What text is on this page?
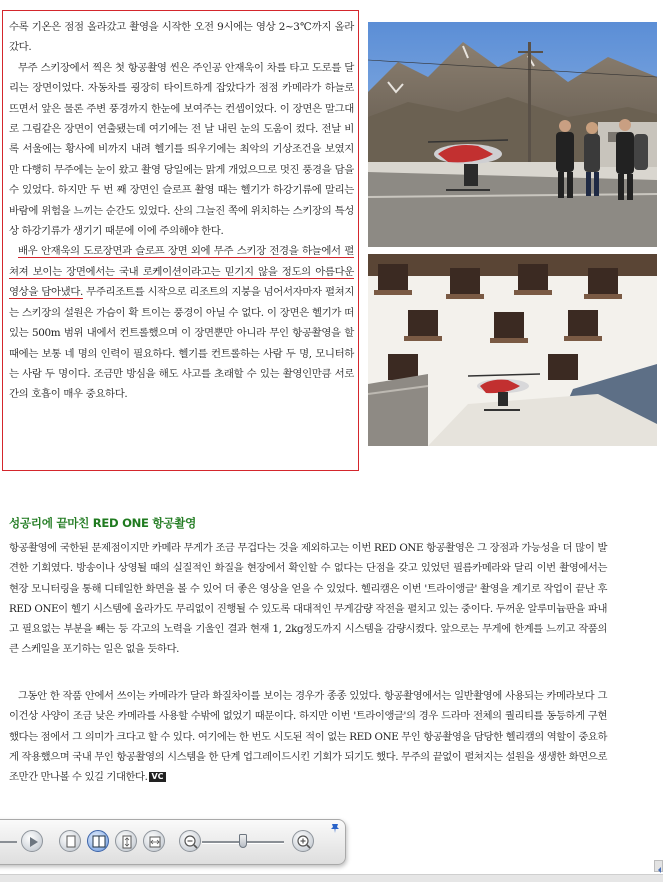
수록 기온은 점점 올라갔고 촬영을 시작한 오전 9시에는 영상 2~3℃까지 올라갔다.

무주 스키장에서 찍은 첫 항공촬영 씬은 주인공 안재욱이 차를 타고 도로를 달리는 장면이었다. 자동차를 굉장히 타이트하게 잡았다가 점점 카메라가 하늘로 뜨면서 앞은 물론 주변 풍경까지 한눈에 보여주는 컨셉이었다. 이 장면은 말그대로 그림같은 장면이 연출됐는데 여기에는 전 날 내린 눈의 도움이 컸다. 전날 비록 서울에는 황사에 비까지 내려 헬기를 띄우기에는 최악의 기상조건을 보였지만 다행히 무주에는 눈이 왔고 촬영 당일에는 맑게 개었으므로 멋진 풍경을 담을 수 있었다. 하지만 두 번 째 장면인 슬로프 촬영 때는 헬기가 하강기류에 말리는 바람에 위험을 느끼는 순간도 있었다. 산의 그늘진 쪽에 위치하는 스키장의 특성상 하강기류가 생기기 때문에 이에 주의해야 한다.

배우 안재욱의 도로장면과 슬로프 장면 외에 무주 스키장 전경을 하늘에서 펼쳐져 보이는 장면에서는 국내 로케이션이라고는 믿기지 않을 정도의 아름다운 영상을 담아냈다. 무주리조트를 시작으로 리조트의 지붕을 넘어서자마자 펼쳐지는 스키장의 설원은 가슴이 확 트이는 풍경이 아닐 수 없다. 이 장면은 헬기가 떠 있는 500m 범위 내에서 컨트롤했으며 이 장면뿐만 아니라 무인 항공촬영을 할 때에는 보통 네 명의 인력이 필요하다. 헬기를 컨트롤하는 사람 두 명, 모니터하는 사람 두 명이다. 조금만 방심을 해도 사고를 초래할 수 있는 촬영인만큼 서로간의 호흡이 매우 중요하다.

성공리에 끝마친 RED ONE 항공촬영

항공촬영에 국한된 문제점이지만 카메라 무게가 조금 무겁다는 것을 제외하고는 이번 RED ONE 항공촬영은 그 장점과 가능성을 더 많이 발견한 기회였다. 방송이나 상영될 때의 실질적인 화질을 현장에서 확인할 수 없다는 단점을 갖고 있었던 필름카메라와 달리 이번 촬영에서는 현장 모니터링을 통해 디테일한 화면을 볼 수 있어 더 좋은 영상을 얻을 수 있었다. 헬리캠은 이번 '트라이앵글' 촬영을 계기로 작업이 끝난 후 RED ONE이 헬기 시스템에 올라가도 무리없이 진행될 수 있도록 대대적인 무게감량 작전을 펼치고 있는 중이다. 두꺼운 알루미늄판을 파내고 필요없는 부분을 빼는 등 각고의 노력을 기울인 결과 현재 1, 2kg정도까지 시스템을 감량시켰다. 앞으로는 무게에 한계를 느끼고 작품의 큰 스케일을 포기하는 일은 없을 듯하다.

그동안 한 작품 안에서 쓰이는 카메라가 달라 화질차이를 보이는 경우가 종종 있었다. 항공촬영에서는 일반촬영에 사용되는 카메라보다 그 이건상 사양이 조금 낮은 카메라를 사용할 수밖에 없었기 때문이다. 하지만 이번 '트라이앵글'의 경우 드라마 전체의 퀄리티를 동등하게 구현했다는 점에서 그 의미가 크다고 할 수 있다. 여기에는 한 번도 시도된 적이 없는 RED ONE 무인 항공촬영을 담당한 헬리캠의 역할이 중요하게 작용했으며 국내 무인 항공촬영의 시스템을 한 단계 업그레이드시킨 기회가 되기도 했다. 무주의 끝없이 펼쳐지는 설원을 생생한 화면으로 조만간 만나볼 수 있길 기대한다. VC
